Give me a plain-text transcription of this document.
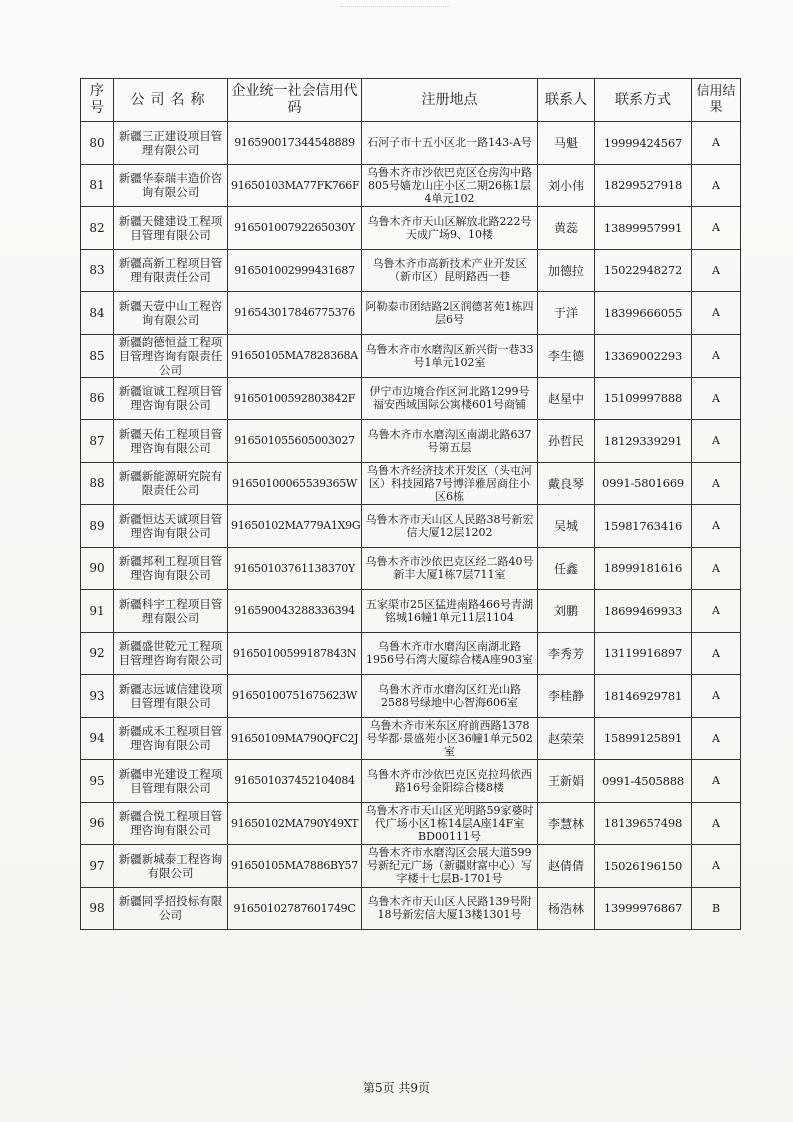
序号	公司名称	企业统一社会信用代码	注册地点	联系人	联系方式	信用结果
80	新疆三正建设项目管理有限公司	916590017344548889	石河子市十五小区北一路143-A号	马魁	19999424567	A
81	新疆华泰瑞丰造价咨询有限公司	91650103MA77FK766F	乌鲁木齐市沙依巴克区仓房沟中路805号嫱龙山庄小区二期26栋1层4单元102	刘小伟	18299527918	A
82	新疆天健建设工程项目管理有限公司	91650100792265030Y	乌鲁木齐市天山区解放北路222号天成广场9、10楼	黄蕊	13899957991	A
83	新疆高新工程项目管理有限责任公司	916501002999431687	乌鲁木齐市高新技术产业开发区（新市区）昆明路西一巷	加德拉	15022948272	A
84	新疆天壹中山工程咨询有限公司	916543017846775376	阿勒泰市团结路2区润德茗苑1栋四层6号	于洋	18399666055	A
85	新疆韵德恒益工程项目管理咨询有限责任公司	91650105MA7828368A	乌鲁木齐市水磨沟区新兴街一巷33号1单元102室	李生德	13369002293	A
86	新疆谊诚工程项目管理咨询有限公司	91650100592803842F	伊宁市边境合作区河北路1299号福安西域国际公寓楼601号商铺	赵星中	15109997888	A
87	新疆天佑工程项目管理咨询有限公司	916501055605003027	乌鲁木齐市水磨沟区南湖北路637号第五层	孙哲民	18129339291	A
88	新疆新能源研究院有限责任公司	91650100065539365W	乌鲁木齐经济技术开发区（头屯河区）科技园路7号博洋雅居商住小区6栋	戴良琴	0991-5801669	A
89	新疆恒达天诚项目管理咨询有限公司	91650102MA779A1X9G	乌鲁木齐市天山区人民路38号新宏信大厦12层1202	吴城	15981763416	A
90	新疆邦利工程项目管理咨询有限公司	91650103761138370Y	乌鲁木齐市沙依巴克区经二路40号新丰大厦1栋7层711室	任鑫	18999181616	A
91	新疆科宇工程项目管理有限公司	916590043288336394	五家渠市25区猛进南路466号青湖铭城16幢1单元11层1104	刘鹏	18699469933	A
92	新疆盛世乾元工程项目管理咨询有限公司	91650100599187843N	乌鲁木齐市水磨沟区南湖北路1956号石湾大厦综合楼A座903室	李秀芳	13119916897	A
93	新疆志远诚信建设项目管理有限公司	91650100751675623W	乌鲁木齐市水磨沟区红光山路2588号绿地中心智海606室	李桂静	18146929781	A
94	新疆成禾工程项目管理咨询有限公司	91650109MA790QFC2J	乌鲁木齐市米东区府前西路1378号华都·景盛苑小区36幢1单元502室	赵荣荣	15899125891	A
95	新疆申光建设工程项目管理有限公司	916501037452104084	乌鲁木齐市沙依巴克区克拉玛依西路16号金阳综合楼8楼	王新娟	0991-4505888	A
96	新疆合悦工程项目管理咨询有限公司	91650102MA790Y49XT	乌鲁木齐市天山区光明路59家婆时代广场小区1栋14层A座14F室BD00111号	李慧林	18139657498	A
97	新疆新城泰工程咨询有限公司	91650105MA7886BY57	乌鲁木齐市水磨沟区会展大道599号新纪元广场（新疆财富中心）写字楼十七层B-1701号	赵倩倩	15026196150	A
98	新疆同孚招投标有限公司	91650102787601749C	乌鲁木齐市天山区人民路139号附18号新宏信大厦13楼1301号	杨浩林	13999976867	B
第5页 共9页
